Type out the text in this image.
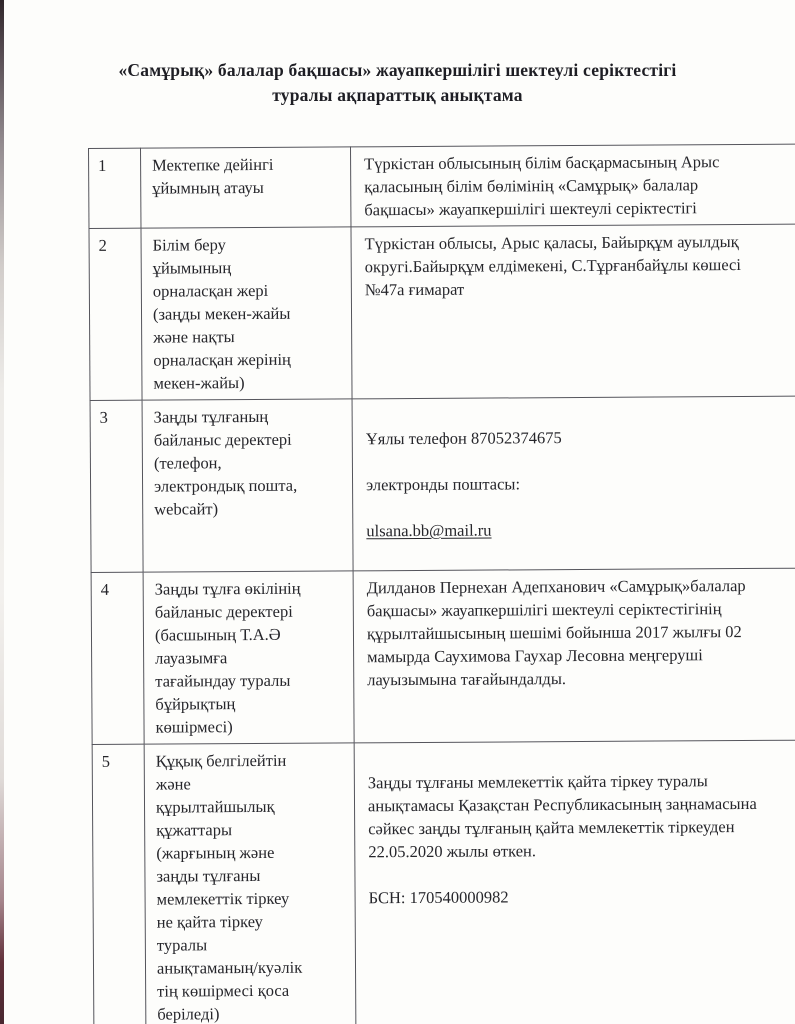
«Самұрық» балалар бақшасы» жауапкершілігі шектеулі серіктестігі
туралы ақпараттық анықтама
1	Мектепке дейінгі
ұйымның атауы	Түркістан облысының білім басқармасының Арыс
қаласының білім бөлімінің «Самұрық» балалар
бақшасы» жауапкершілігі шектеулі серіктестігі
2	Білім беру
ұйымының
орналасқан жері
(заңды мекен-жайы
және нақты
орналасқан жерінің
мекен-жайы)	Түркістан облысы, Арыс қаласы, Байырқұм ауылдық
округі.Байырқұм елдімекені, С.Тұрғанбайұлы көшесі
№47а ғимарат
3	Заңды тұлғаның
байланыс деректері
(телефон,
электрондық пошта,
webсайт)	

Ұялы телефон 87052374675

электронды поштасы:

ulsana.bb@mail.ru

4	Заңды тұлға өкілінің
байланыс деректері
(басшының Т.А.Ә
лауазымға
тағайындау туралы
бұйрықтың
көшірмесі)	Дилданов Пернехан Адепханович «Самұрық»балалар
бақшасы» жауапкершілігі шектеулі серіктестігінің
құрылтайшысының шешімі бойынша 2017 жылғы 02
мамырда Саухимова Гаухар Лесовна меңгеруші
лауызымына тағайындалды.
5	Құқық белгілейтін
және
құрылтайшылық
құжаттары
(жарғының және
заңды тұлғаны
мемлекеттік тіркеу
не қайта тіркеу
туралы
анықтаманың/куәлік
тің көшірмесі қоса
беріледі)	

Заңды тұлғаны мемлекеттік қайта тіркеу туралы
анықтамасы Қазақстан Республикасының заңнамасына
сәйкес заңды тұлғаның қайта мемлекеттік тіркеуден
22.05.2020 жылы өткен.

БСН: 170540000982
